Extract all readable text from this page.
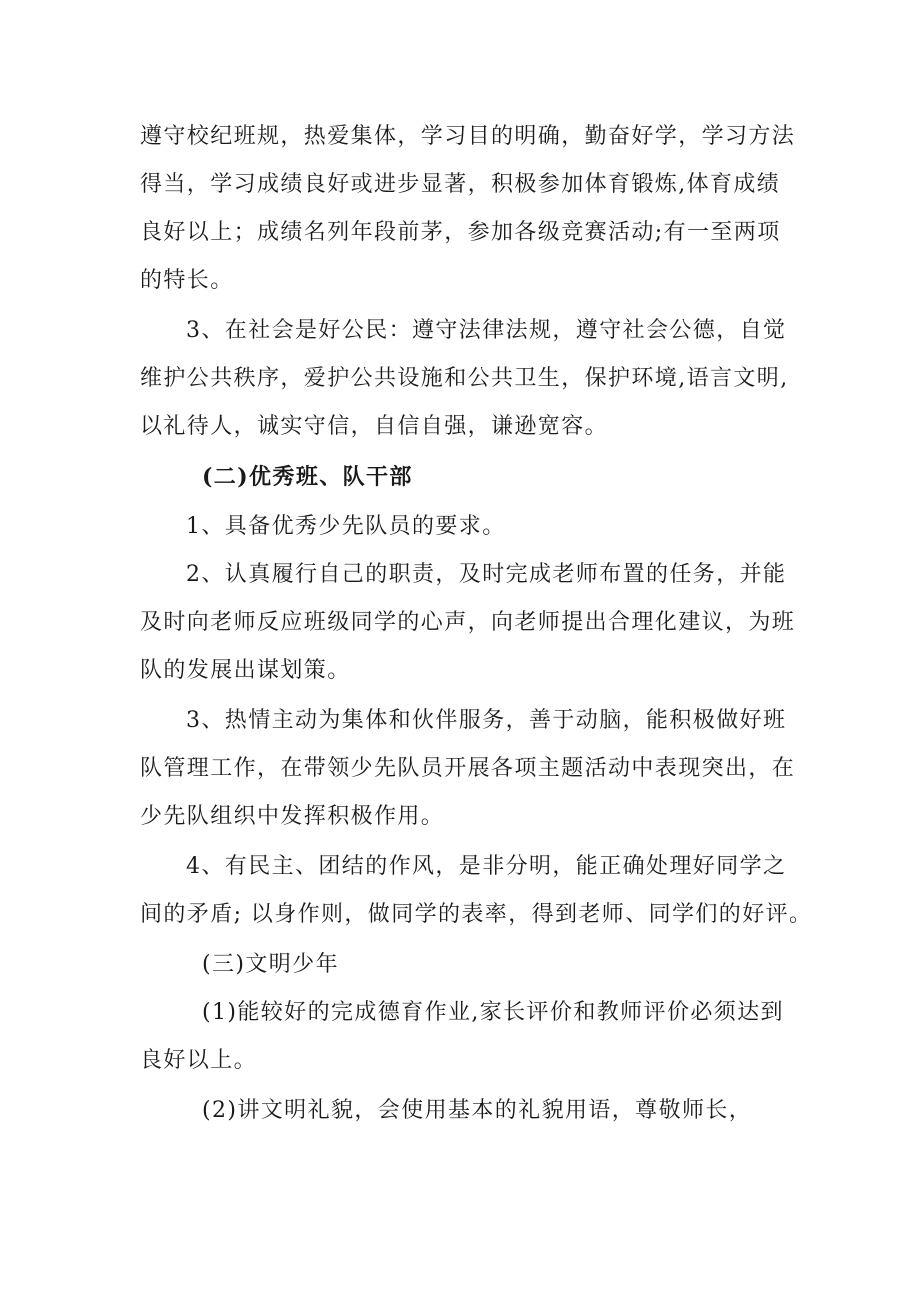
遵守校纪班规，热爱集体，学习目的明确，勤奋好学，学习方法
得当，学习成绩良好或进步显著，积极参加体育锻炼,体育成绩
良好以上；成绩名列年段前茅，参加各级竞赛活动;有一至两项
的特长。
3、在社会是好公民：遵守法律法规，遵守社会公德，自觉
维护公共秩序，爱护公共设施和公共卫生，保护环境,语言文明,
以礼待人，诚实守信，自信自强，谦逊宽容。
(二)优秀班、队干部
1、具备优秀少先队员的要求。
2、认真履行自己的职责，及时完成老师布置的任务，并能
及时向老师反应班级同学的心声，向老师提出合理化建议，为班
队的发展出谋划策。
3、热情主动为集体和伙伴服务，善于动脑，能积极做好班
队管理工作，在带领少先队员开展各项主题活动中表现突出，在
少先队组织中发挥积极作用。
4、有民主、团结的作风，是非分明，能正确处理好同学之
间的矛盾; 以身作则，做同学的表率，得到老师、同学们的好评。
(三)文明少年
(1)能较好的完成德育作业,家长评价和教师评价必须达到
良好以上。
(2)讲文明礼貌，会使用基本的礼貌用语，尊敬师长，
